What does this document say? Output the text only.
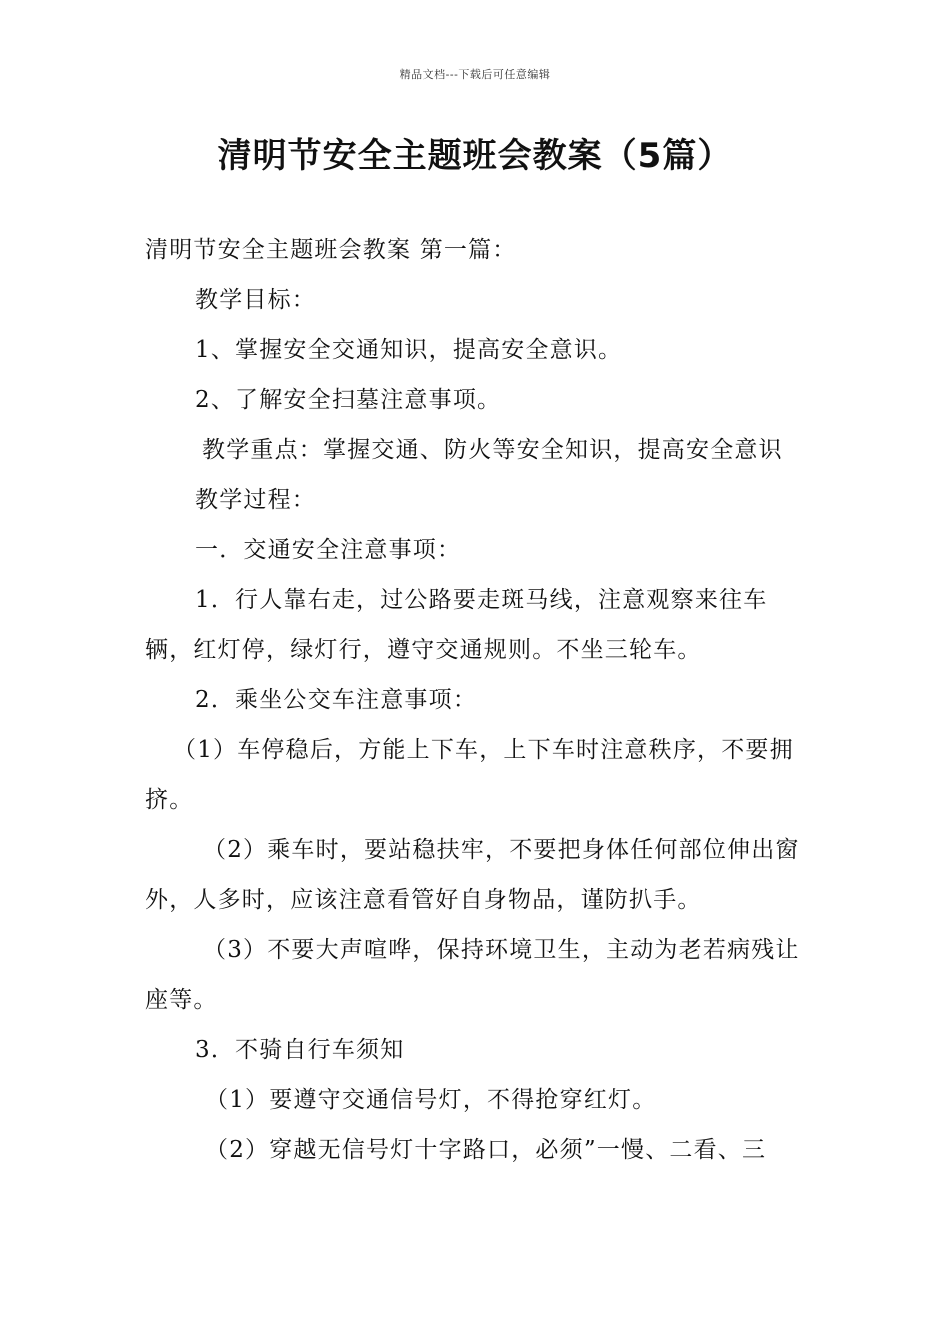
精品文档---下载后可任意编辑
清明节安全主题班会教案（5篇）

清明节安全主题班会教案 第一篇：

教学目标：

1、掌握安全交通知识，提高安全意识。

2、了解安全扫墓注意事项。

教学重点：掌握交通、防火等安全知识，提高安全意识

教学过程：

一．交通安全注意事项：

1．行人靠右走，过公路要走斑马线，注意观察来往车辆，红灯停，绿灯行，遵守交通规则。不坐三轮车。

2．乘坐公交车注意事项：

（1）车停稳后，方能上下车，上下车时注意秩序，不要拥挤。

（2）乘车时，要站稳扶牢，不要把身体任何部位伸出窗外，人多时，应该注意看管好自身物品，谨防扒手。

（3）不要大声喧哗，保持环境卫生，主动为老若病残让座等。

3．不骑自行车须知

（1）要遵守交通信号灯，不得抢穿红灯。

（2）穿越无信号灯十字路口，必须”一慢、二看、三
